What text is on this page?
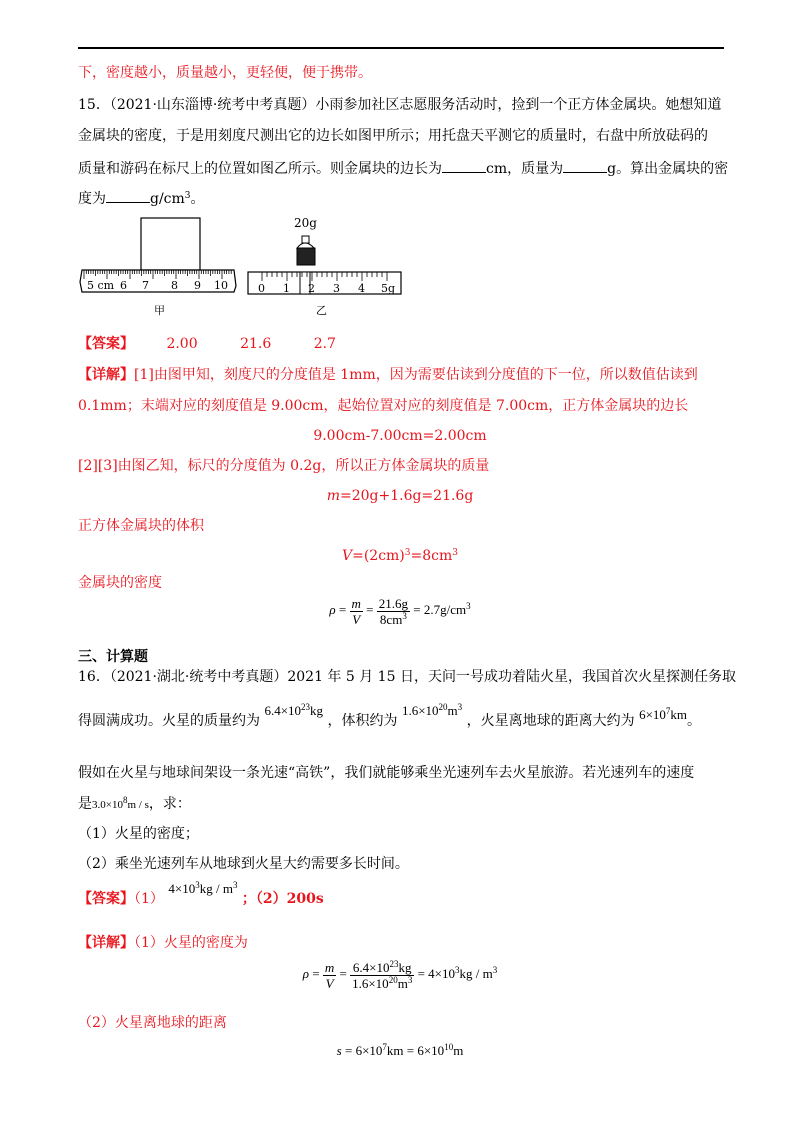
下，密度越小，质量越小，更轻便，便于携带。
15．（2021·山东淄博·统考中考真题）小雨参加社区志愿服务活动时，捡到一个正方体金属块。她想知道
金属块的密度，于是用刻度尺测出它的边长如图甲所示；用托盘天平测它的质量时，右盘中所放砝码的
质量和游码在标尺上的位置如图乙所示。则金属块的边长为	cm，质量为	g。算出金属块的密
度为	$g/cm^3$。
5 cm 6 7 8 9 10
甲
20g
0 1 2 3 4 5g
乙
【答案】 2.00	21.6	2.7
【详解】[1]由图甲知，刻度尺的分度值是 1mm，因为需要估读到分度值的下一位，所以数值估读到
0.1mm；末端对应的刻度值是 9.00cm，起始位置对应的刻度值是 7.00cm，正方体金属块的边长
9.00cm-7.00cm=2.00cm
[2][3]由图乙知，标尺的分度值为 0.2g，所以正方体金属块的质量
m=20g+1.6g=21.6g
正方体金属块的体积
$V=(2cm)^3=8cm^3$
金属块的密度
$\rho = \frac{m}{V} = \frac{21.6g}{8cm^3} = 2.7g/cm^3$
三、计算题
16．（2021·湖北·统考中考真题）2021 年 5 月 15 日，天问一号成功着陆火星，我国首次火星探测任务取
得圆满成功。火星的质量约为 $6.4\times 10^{23}kg$ ，体积约为 $1.6\times 10^{20}m^3$ ，火星离地球的距离大约为 $6\times 10^7km$。
假如在火星与地球间架设一条光速“高铁”，我们就能够乘坐光速列车去火星旅游。若光速列车的速度
是$3.0\times 10^8m / s$，求：
（1）火星的密度；
（2）乘坐光速列车从地球到火星大约需要多长时间。
【答案】（1） $4\times 10^3kg / m^3$ ；（2）200s
【详解】（1）火星的密度为
$\rho = \frac{m}{V} = \frac{6.4\times 10^{23}kg}{1.6\times 10^{20}m^3} = 4\times 10^3kg / m^3$
（2）火星离地球的距离
$s = 6\times 10^7km = 6\times 10^{10}m$
